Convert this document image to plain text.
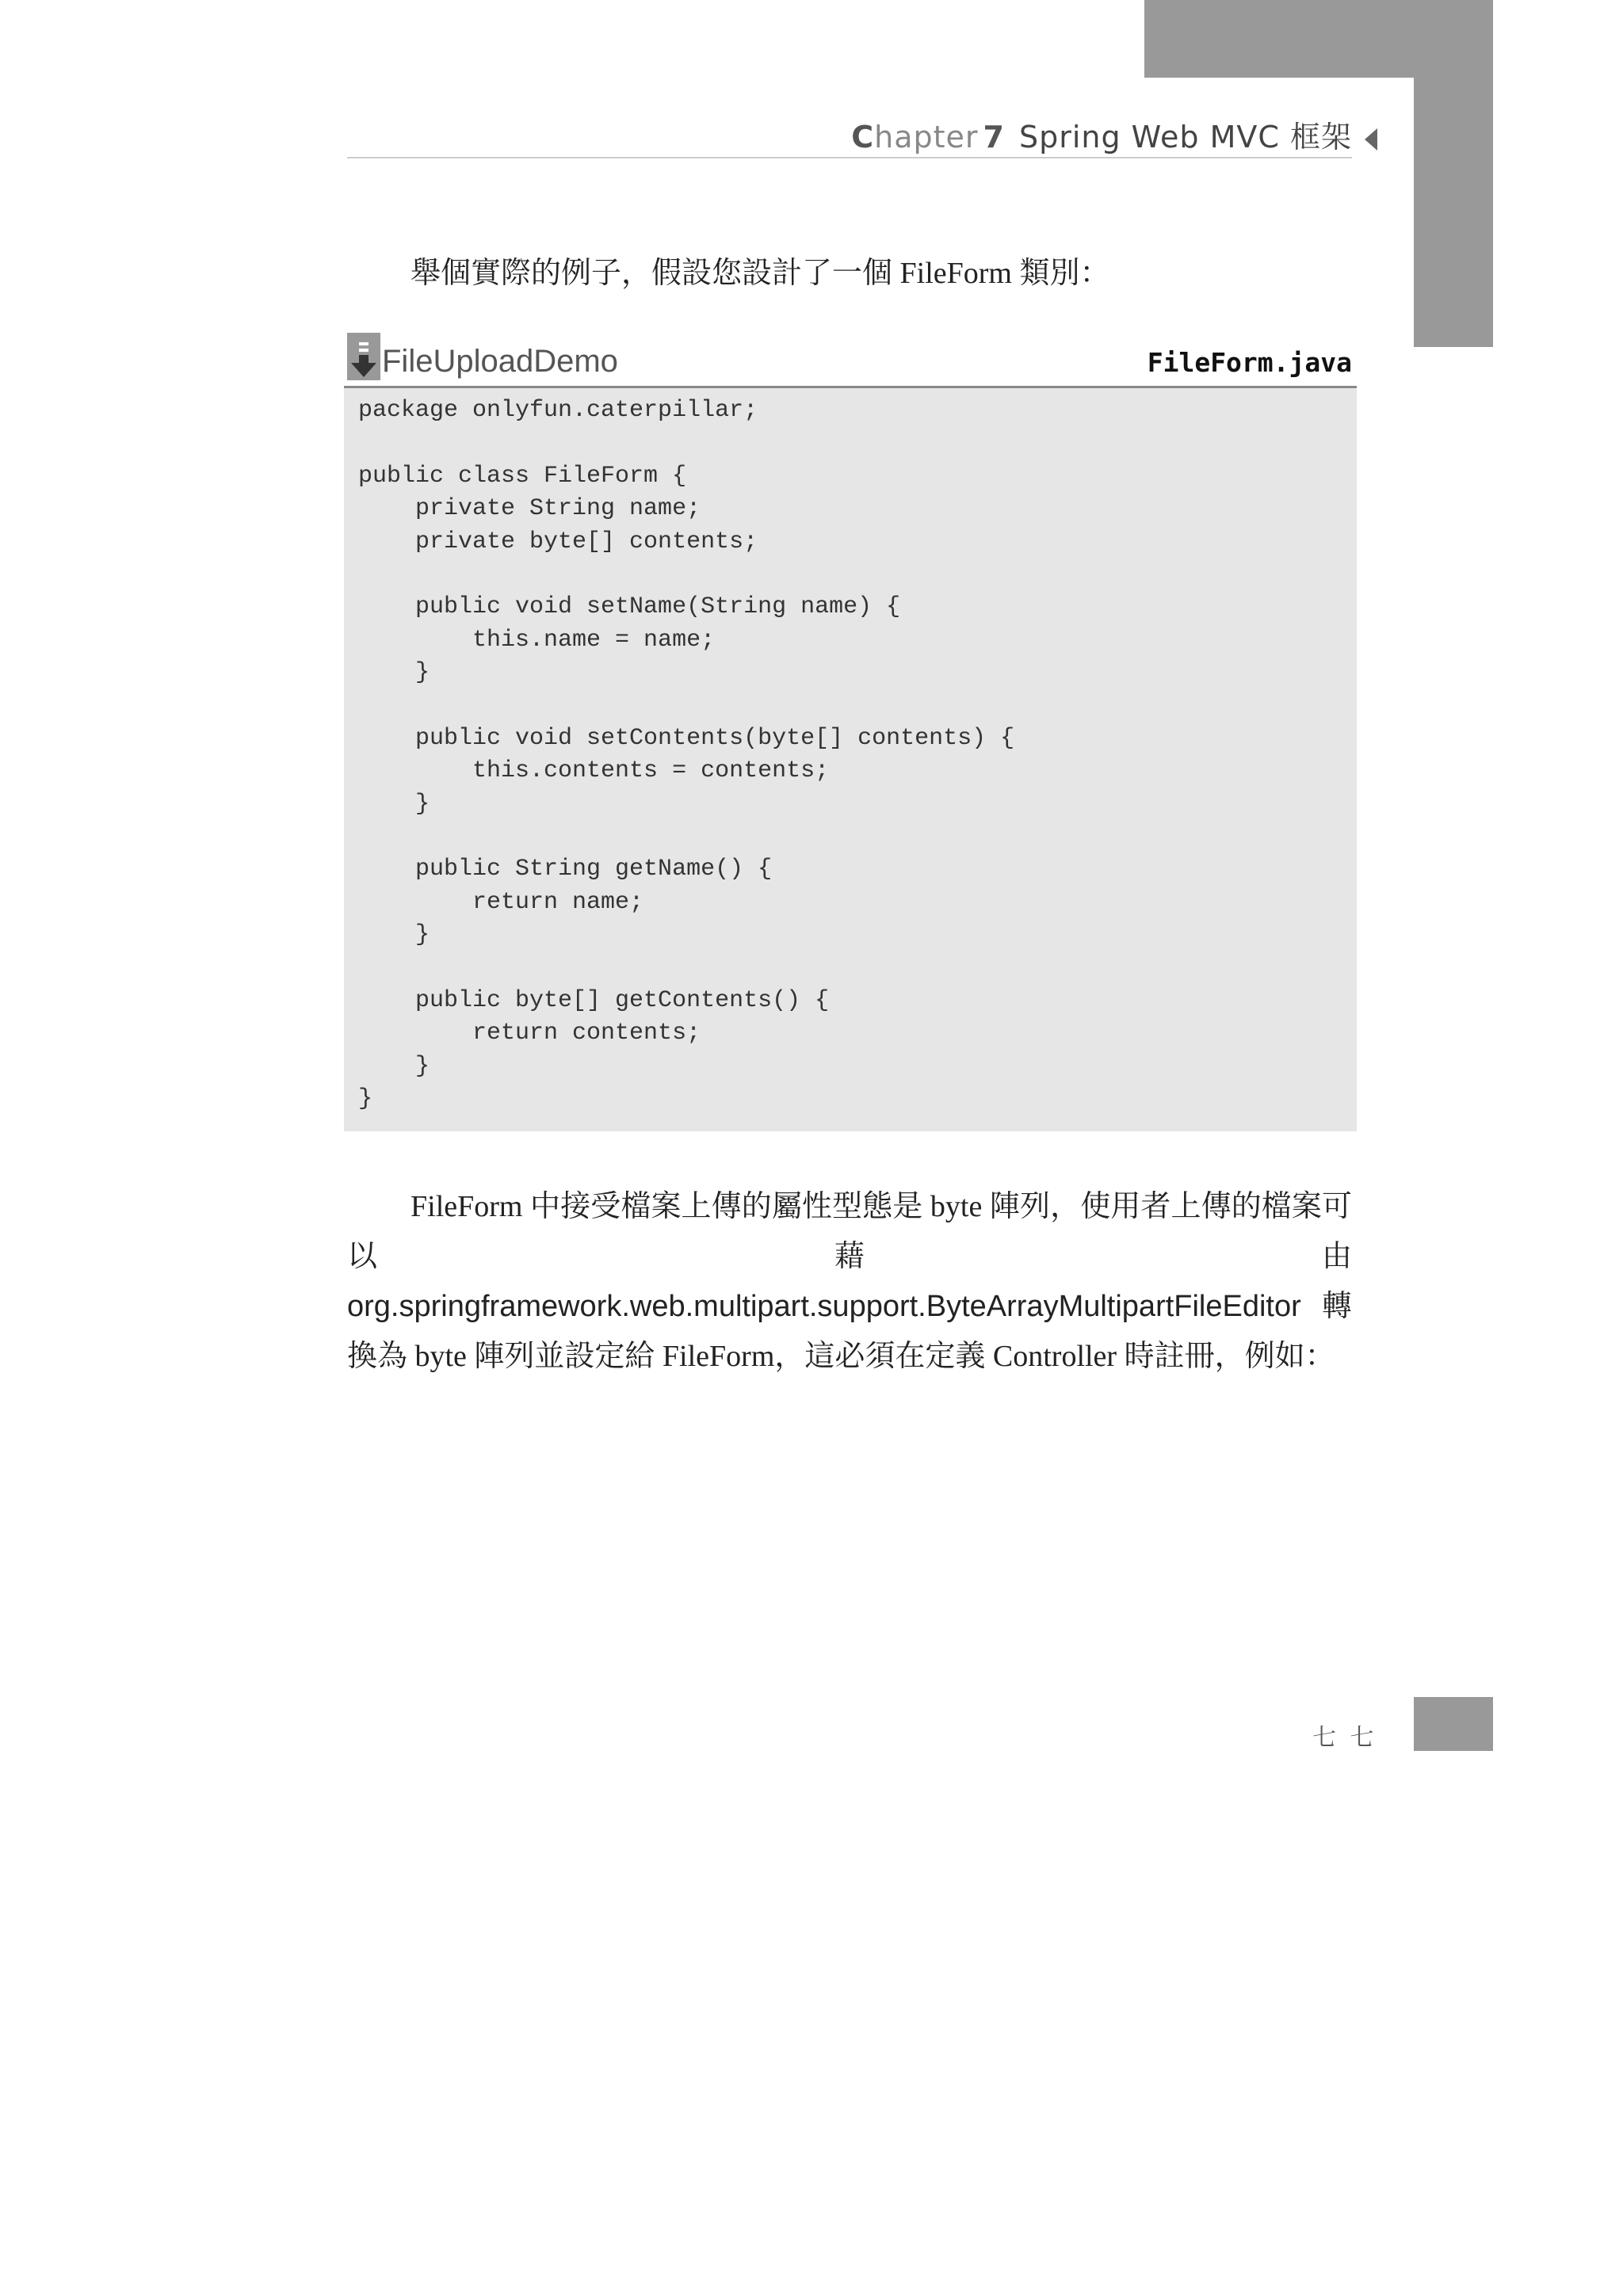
Chapter 7 Spring Web MVC 框架

舉個實際的例子，假設您設計了一個 FileForm 類別：

FileUploadDemo	FileForm.java
package onlyfun.caterpillar;
public class FileForm {
private String name;
private byte[] contents;
public void setName(String name) {
this.name = name;
}
public void setContents(byte[] contents) {
this.contents = contents;
}
public String getName() {
return name;
}
public byte[] getContents() {
return contents;
}
}

FileForm 中接受檔案上傳的屬性型態是 byte 陣列，使用者上傳的檔案可以藉由 org.springframework.web.multipart.support.ByteArrayMultipartFileEditor 轉換為 byte 陣列並設定給 FileForm，這必須在定義 Controller 時註冊，例如：

七 七
